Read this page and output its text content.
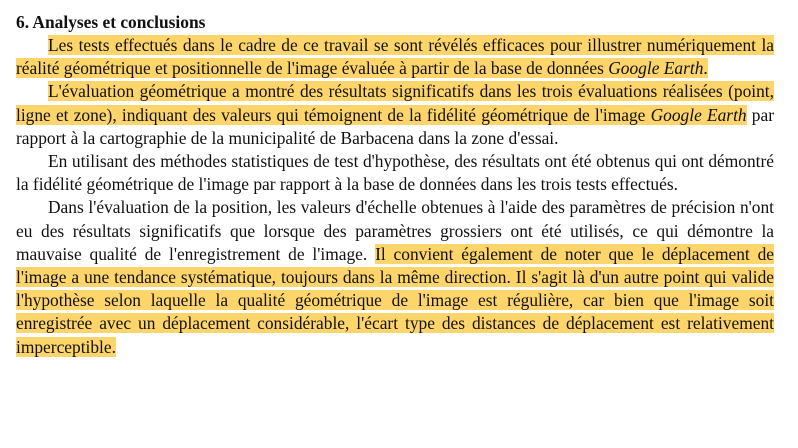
6. Analyses et conclusions

Les tests effectués dans le cadre de ce travail se sont révélés efficaces pour illustrer numériquement la réalité géométrique et positionnelle de l'image évaluée à partir de la base de données Google Earth.

L'évaluation géométrique a montré des résultats significatifs dans les trois évaluations réalisées (point, ligne et zone), indiquant des valeurs qui témoignent de la fidélité géométrique de l'image Google Earth par rapport à la cartographie de la municipalité de Barbacena dans la zone d'essai.

En utilisant des méthodes statistiques de test d'hypothèse, des résultats ont été obtenus qui ont démontré la fidélité géométrique de l'image par rapport à la base de données dans les trois tests effectués.

Dans l'évaluation de la position, les valeurs d'échelle obtenues à l'aide des paramètres de précision n'ont eu des résultats significatifs que lorsque des paramètres grossiers ont été utilisés, ce qui démontre la mauvaise qualité de l'enregistrement de l'image. Il convient également de noter que le déplacement de l'image a une tendance systématique, toujours dans la même direction. Il s'agit là d'un autre point qui valide l'hypothèse selon laquelle la qualité géométrique de l'image est régulière, car bien que l'image soit enregistrée avec un déplacement considérable, l'écart type des distances de déplacement est relativement imperceptible.
